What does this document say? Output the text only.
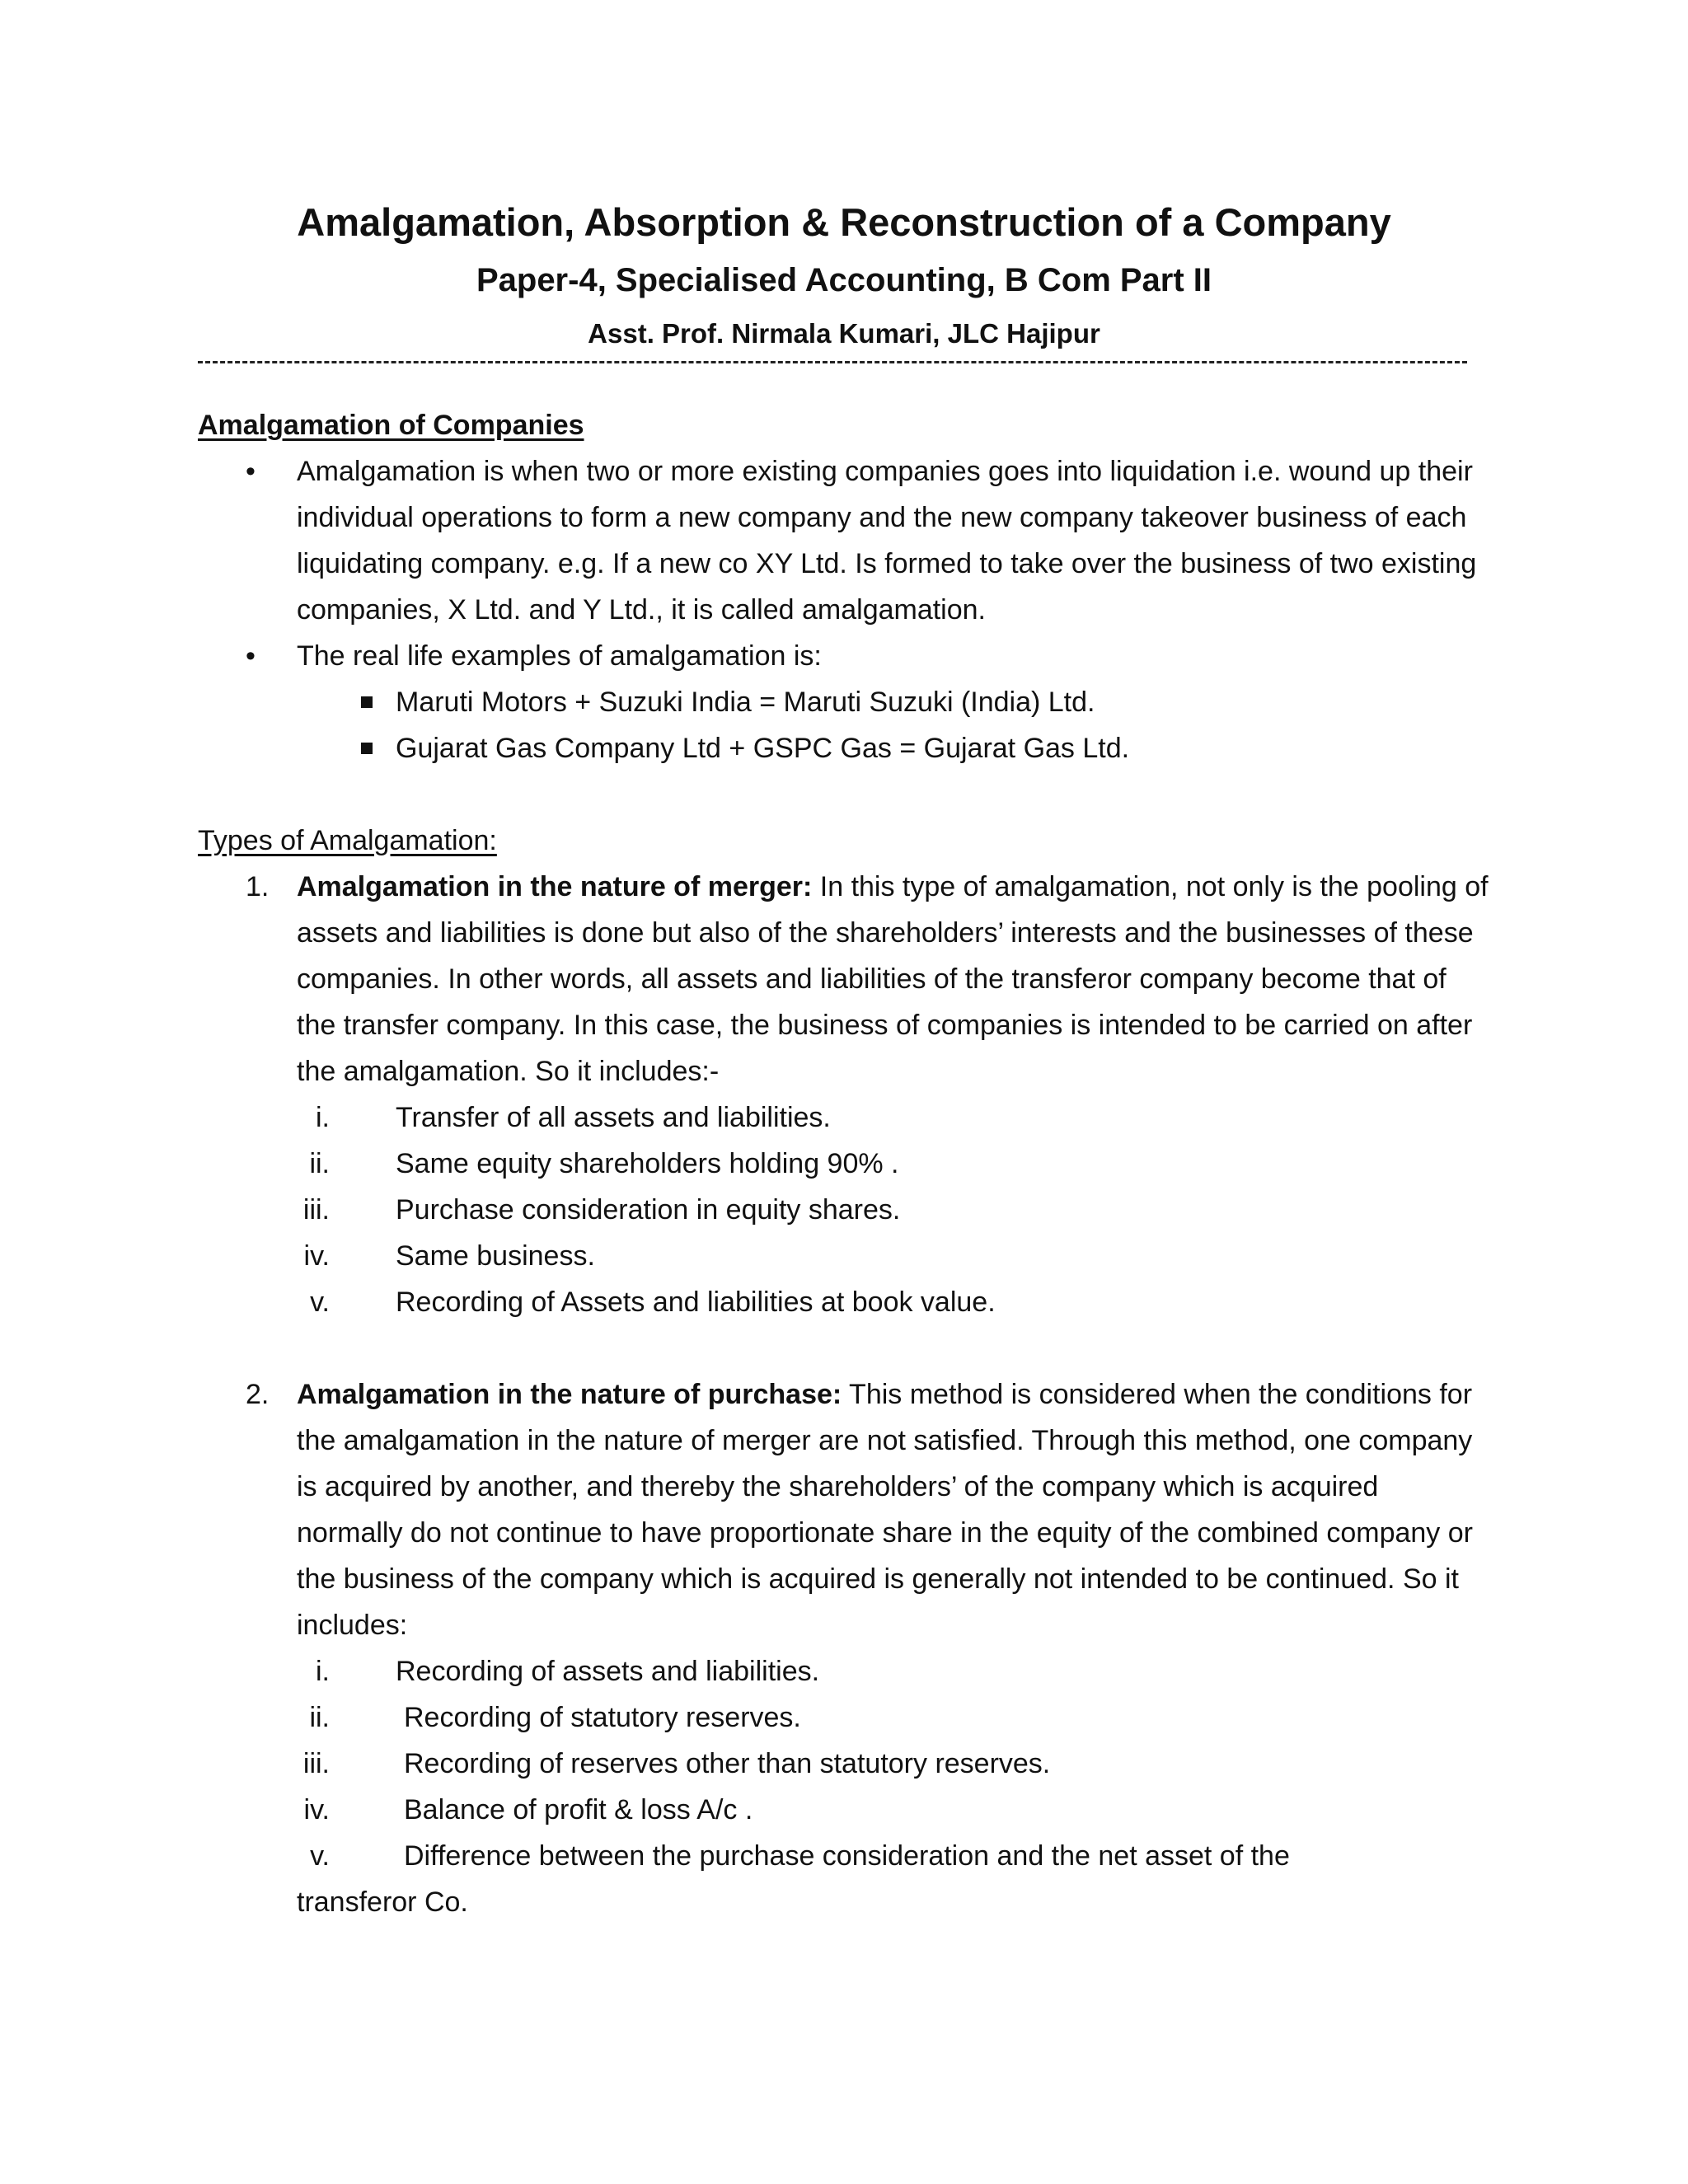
Amalgamation, Absorption & Reconstruction of a Company
Paper-4, Specialised Accounting, B Com Part II
Asst. Prof. Nirmala Kumari, JLC Hajipur
Amalgamation of Companies
• Amalgamation is when two or more existing companies goes into liquidation i.e. wound up their individual operations to form a new company and the new company takeover business of each liquidating company. e.g. If a new co XY Ltd. Is formed to take over the business of two existing companies, X Ltd. and Y Ltd., it is called amalgamation.

• The real life examples of amalgamation is:

Maruti Motors + Suzuki India = Maruti Suzuki (India) Ltd.
Gujarat Gas Company Ltd + GSPC Gas = Gujarat Gas Ltd.
Types of Amalgamation:
1. Amalgamation in the nature of merger: In this type of amalgamation, not only is the pooling of assets and liabilities is done but also of the shareholders’ interests and the businesses of these companies. In other words, all assets and liabilities of the transferor company become that of the transfer company. In this case, the business of companies is intended to be carried on after the amalgamation. So it includes:-

i. Transfer of all assets and liabilities.
ii. Same equity shareholders holding 90% .
iii. Purchase consideration in equity shares.
iv. Same business.
v. Recording of Assets and liabilities at book value.
2. Amalgamation in the nature of purchase: This method is considered when the conditions for the amalgamation in the nature of merger are not satisfied. Through this method, one company is acquired by another, and thereby the shareholders’ of the company which is acquired normally do not continue to have proportionate share in the equity of the combined company or the business of the company which is acquired is generally not intended to be continued. So it includes:

i. Recording of assets and liabilities.
ii.	Recording of statutory reserves.
iii.	Recording of reserves other than statutory reserves.
iv.	Balance of profit & loss A/c .
v.	Difference between the purchase consideration and the net asset of the
transferor Co.
